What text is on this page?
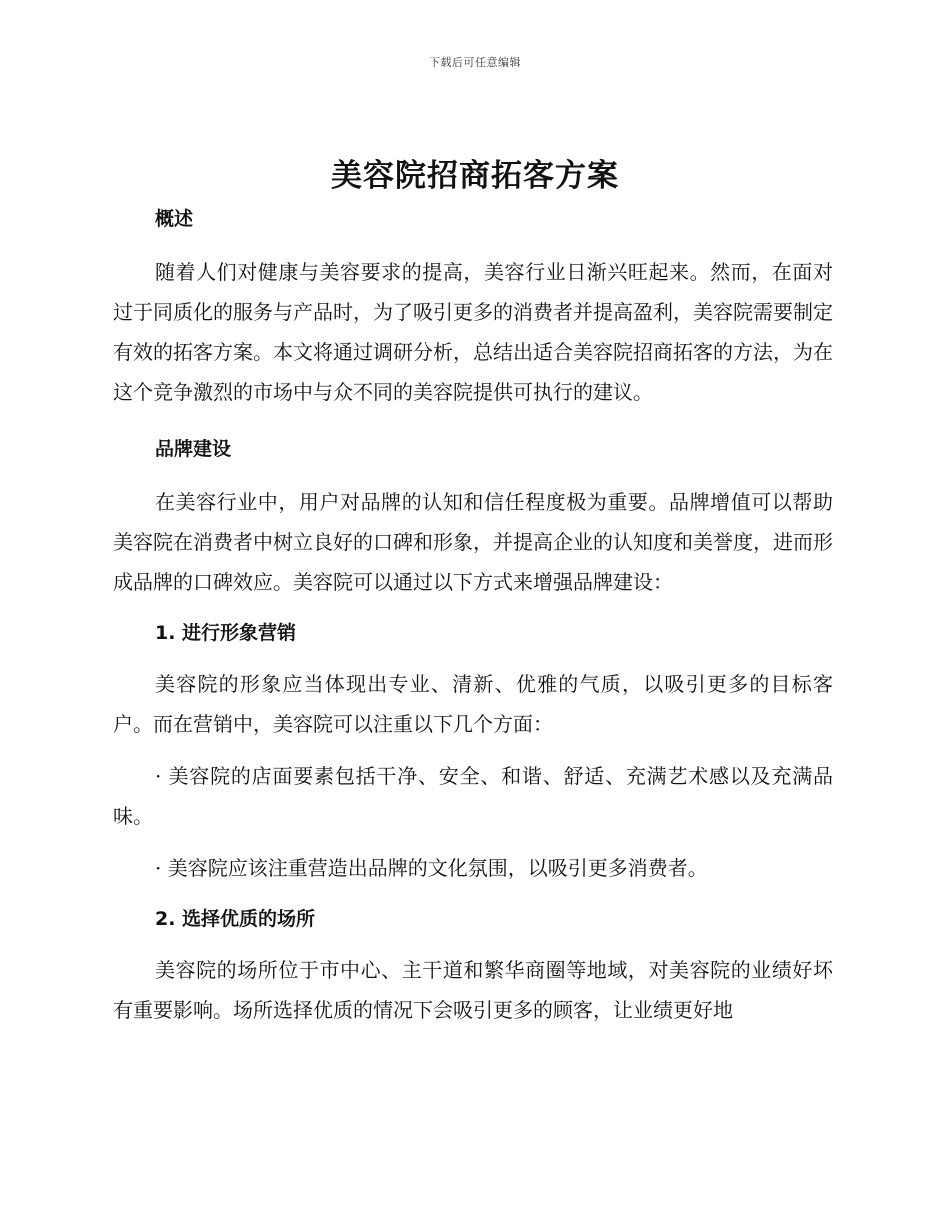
下载后可任意编辑
美容院招商拓客方案

概述

随着人们对健康与美容要求的提高，美容行业日渐兴旺起来。然而，在面对过于同质化的服务与产品时，为了吸引更多的消费者并提高盈利，美容院需要制定有效的拓客方案。本文将通过调研分析，总结出适合美容院招商拓客的方法，为在这个竞争激烈的市场中与众不同的美容院提供可执行的建议。

品牌建设

在美容行业中，用户对品牌的认知和信任程度极为重要。品牌增值可以帮助美容院在消费者中树立良好的口碑和形象，并提高企业的认知度和美誉度，进而形成品牌的口碑效应。美容院可以通过以下方式来增强品牌建设：

1. 进行形象营销

美容院的形象应当体现出专业、清新、优雅的气质，以吸引更多的目标客户。而在营销中，美容院可以注重以下几个方面：

· 美容院的店面要素包括干净、安全、和谐、舒适、充满艺术感以及充满品味。

· 美容院应该注重营造出品牌的文化氛围，以吸引更多消费者。

2. 选择优质的场所

美容院的场所位于市中心、主干道和繁华商圈等地域，对美容院的业绩好坏有重要影响。场所选择优质的情况下会吸引更多的顾客，让业绩更好地
